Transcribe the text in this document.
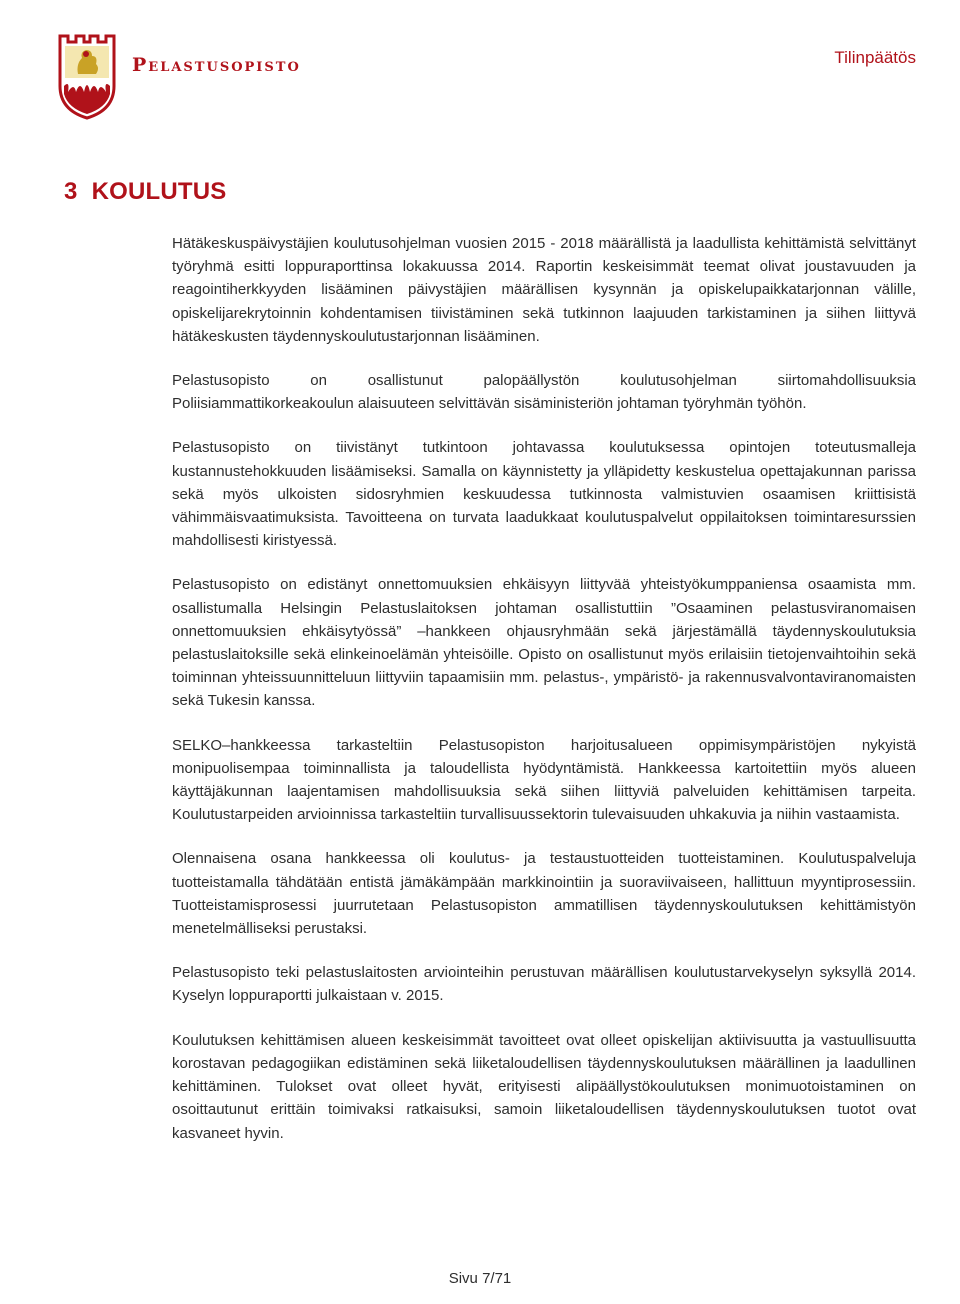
Pelastusopisto	Tilinpäätös
3 KOULUTUS

Hätäkeskuspäivystäjien koulutusohjelman vuosien 2015 - 2018 määrällistä ja laadullista kehittämistä selvittänyt työryhmä esitti loppuraporttinsa lokakuussa 2014. Raportin keskeisimmät teemat olivat joustavuuden ja reagointiherkkyyden lisääminen päivystäjien määrällisen kysynnän ja opiskelupaikkatarjonnan välille, opiskelijarekrytoinnin kohdentamisen tiivistäminen sekä tutkinnon laajuuden tarkistaminen ja siihen liittyvä hätäkeskusten täydennyskoulutustarjonnan lisääminen.

Pelastusopisto on osallistunut palopäällystön koulutusohjelman siirtomahdollisuuksia Poliisiammattikorkeakoulun alaisuuteen selvittävän sisäministeriön johtaman työryhmän työhön.

Pelastusopisto on tiivistänyt tutkintoon johtavassa koulutuksessa opintojen toteutusmalleja kustannustehokkuuden lisäämiseksi. Samalla on käynnistetty ja ylläpidetty keskustelua opettajakunnan parissa sekä myös ulkoisten sidosryhmien keskuudessa tutkinnosta valmistuvien osaamisen kriittisistä vähimmäisvaatimuksista. Tavoitteena on turvata laadukkaat koulutuspalvelut oppilaitoksen toimintaresurssien mahdollisesti kiristyessä.

Pelastusopisto on edistänyt onnettomuuksien ehkäisyyn liittyvää yhteistyökumppaniensa osaamista mm. osallistumalla Helsingin Pelastuslaitoksen johtaman osallistuttiin ”Osaaminen pelastusviranomaisen onnettomuuksien ehkäisytyössä” –hankkeen ohjausryhmään sekä järjestämällä täydennyskoulutuksia pelastuslaitoksille sekä elinkeinoelämän yhteisöille. Opisto on osallistunut myös erilaisiin tietojenvaihtoihin sekä toiminnan yhteissuunnitteluun liittyviin tapaamisiin mm. pelastus-, ympäristö- ja rakennusvalvontaviranomaisten sekä Tukesin kanssa.

SELKO–hankkeessa tarkasteltiin Pelastusopiston harjoitusalueen oppimisympäristöjen nykyistä monipuolisempaa toiminnallista ja taloudellista hyödyntämistä. Hankkeessa kartoitettiin myös alueen käyttäjäkunnan laajentamisen mahdollisuuksia sekä siihen liittyviä palveluiden kehittämisen tarpeita. Koulutustarpeiden arvioinnissa tarkasteltiin turvallisuussektorin tulevaisuuden uhkakuvia ja niihin vastaamista.

Olennaisena osana hankkeessa oli koulutus- ja testaustuotteiden tuotteistaminen. Koulutuspalveluja tuotteistamalla tähdätään entistä jämäkämpään markkinointiin ja suoraviivaiseen, hallittuun myyntiprosessiin. Tuotteistamisprosessi juurrutetaan Pelastusopiston ammatillisen täydennyskoulutuksen kehittämistyön menetelmälliseksi perustaksi.

Pelastusopisto teki pelastuslaitosten arviointeihin perustuvan määrällisen koulutustarvekyselyn syksyllä 2014. Kyselyn loppuraportti julkaistaan v. 2015.

Koulutuksen kehittämisen alueen keskeisimmät tavoitteet ovat olleet opiskelijan aktiivisuutta ja vastuullisuutta korostavan pedagogiikan edistäminen sekä liiketaloudellisen täydennyskoulutuksen määrällinen ja laadullinen kehittäminen. Tulokset ovat olleet hyvät, erityisesti alipäällystökoulutuksen monimuotoistaminen on osoittautunut erittäin toimivaksi ratkaisuksi, samoin liiketaloudellisen täydennyskoulutuksen tuotot ovat kasvaneet hyvin.

Sivu 7/71
